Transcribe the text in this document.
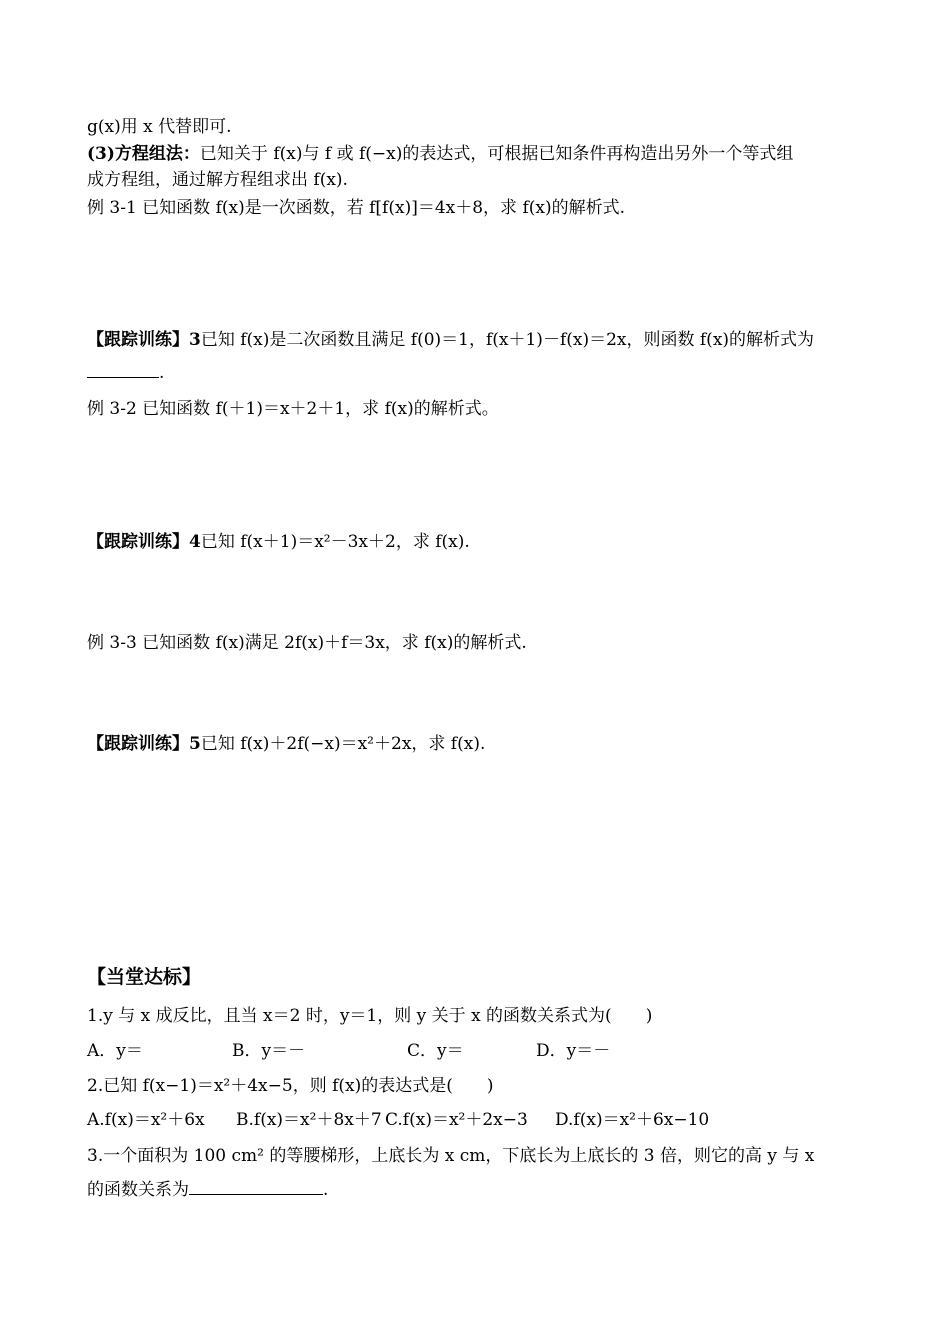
g(x)用 x 代替即可.
(3)方程组法：已知关于 f(x)与 f 或 f(−x)的表达式，可根据已知条件再构造出另外一个等式组
成方程组，通过解方程组求出 f(x).
例 3-1 已知函数 f(x)是一次函数，若 f[f(x)]＝4x＋8，求 f(x)的解析式.
【跟踪训练】3已知 f(x)是二次函数且满足 f(0)＝1，f(x＋1)－f(x)＝2x，则函数 f(x)的解析式为
.
例 3-2 已知函数 f(＋1)＝x＋2＋1，求 f(x)的解析式。
【跟踪训练】4已知 f(x＋1)＝x²－3x＋2，求 f(x).
例 3-3 已知函数 f(x)满足 2f(x)＋f＝3x，求 f(x)的解析式.
【跟踪训练】5已知 f(x)＋2f(−x)＝x²＋2x，求 f(x).
【当堂达标】
1.y 与 x 成反比，且当 x＝2 时，y＝1，则 y 关于 x 的函数关系式为(　　)
A．y＝	B．y＝－	C．y＝	D．y＝－
2.已知 f(x−1)＝x²＋4x−5，则 f(x)的表达式是(　　)
A.f(x)＝x²＋6x B.f(x)＝x²＋8x＋7 C.f(x)＝x²＋2x−3 D.f(x)＝x²＋6x−10
3.一个面积为 100 cm² 的等腰梯形，上底长为 x cm，下底长为上底长的 3 倍，则它的高 y 与 x
的函数关系为	.
